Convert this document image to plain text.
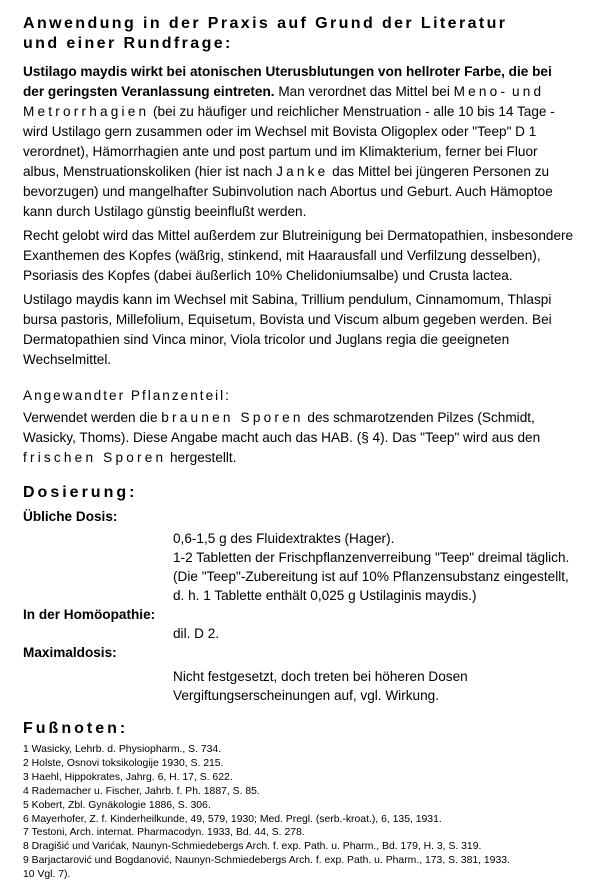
Anwendung in der Praxis auf Grund der Literatur
und einer Rundfrage:

Ustilago maydis wirkt bei atonischen Uterusblutungen von hellroter Farbe, die bei der geringsten Veranlassung eintreten. Man verordnet das Mittel bei Meno- und Metrorrhagien (bei zu häufiger und reichlicher Menstruation - alle 10 bis 14 Tage - wird Ustilago gern zusammen oder im Wechsel mit Bovista Oligoplex oder "Teep" D 1 verordnet), Hämorrhagien ante und post partum und im Klimakterium, ferner bei Fluor albus, Menstruationskoliken (hier ist nach Janke das Mittel bei jüngeren Personen zu bevorzugen) und mangelhafter Subinvolution nach Abortus und Geburt. Auch Hämoptoe kann durch Ustilago günstig beeinflußt werden.

Recht gelobt wird das Mittel außerdem zur Blutreinigung bei Dermatopathien, insbesondere Exanthemen des Kopfes (wäßrig, stinkend, mit Haarausfall und Verfilzung desselben), Psoriasis des Kopfes (dabei äußerlich 10% Chelidoniumsalbe) und Crusta lactea.

Ustilago maydis kann im Wechsel mit Sabina, Trillium pendulum, Cinnamomum, Thlaspi bursa pastoris, Millefolium, Equisetum, Bovista und Viscum album gegeben werden. Bei Dermatopathien sind Vinca minor, Viola tricolor und Juglans regia die geeigneten Wechselmittel.

Angewandter Pflanzenteil:

Verwendet werden die braunen Sporen des schmarotzenden Pilzes (Schmidt, Wasicky, Thoms). Diese Angabe macht auch das HAB. (§ 4). Das "Teep" wird aus den frischen Sporen hergestellt.

Dosierung:
Übliche Dosis:
0,6-1,5 g des Fluidextraktes (Hager).
1-2 Tabletten der Frischpflanzenverreibung "Teep" dreimal täglich.
(Die "Teep"-Zubereitung ist auf 10% Pflanzensubstanz eingestellt, d. h. 1 Tablette enthält 0,025 g Ustilaginis maydis.)
In der Homöopathie:
dil. D 2.
Maximaldosis:
Nicht festgesetzt, doch treten bei höheren Dosen Vergiftungserscheinungen auf, vgl. Wirkung.
Fußnoten:

1 Wasicky, Lehrb. d. Physiopharm., S. 734.

2 Holste, Osnovi toksikologije 1930, S. 215.

3 Haehl, Hippokrates, Jahrg. 6, H. 17, S. 622.

4 Rademacher u. Fischer, Jahrb. f. Ph. 1887, S. 85.

5 Kobert, Zbl. Gynäkologie 1886, S. 306.

6 Mayerhofer, Z. f. Kinderheilkunde, 49, 579, 1930; Med. Pregl. (serb.-kroat.), 6, 135, 1931.

7 Testoni, Arch. internat. Pharmacodyn. 1933, Bd. 44, S. 278.

8 Dragišić und Varićak, Naunyn-Schmiedebergs Arch. f. exp. Path. u. Pharm., Bd. 179, H. 3, S. 319.

9 Barjactarović und Bogdanović, Naunyn-Schmiedebergs Arch. f. exp. Path. u. Pharm., 173, S. 381, 1933.

10 Vgl. 7).
